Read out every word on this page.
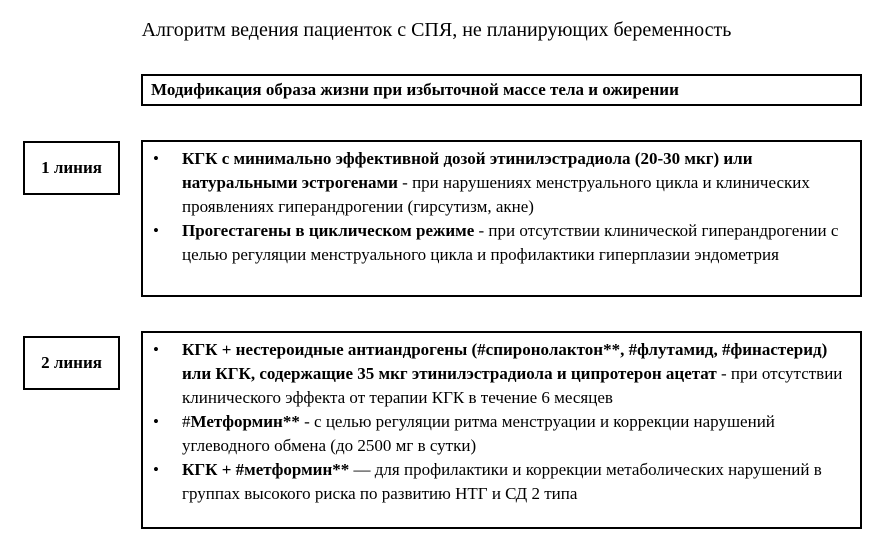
Алгоритм ведения пациенток с СПЯ, не планирующих беременность
Модификация образа жизни при избыточной массе тела и ожирении
1 линия	•	КГК с минимально эффективной дозой этинилэстрадиола (20-30 мкг) или натуральными эстрогенами - при нарушениях менструального цикла и клинических проявлениях гиперандрогении (гирсутизм, акне)
•	Прогестагены в циклическом режиме - при отсутствии клинической гиперандрогении с целью регуляции менструального цикла и профилактики гиперплазии эндометрия
2 линия
•	КГК + нестероидные антиандрогены (#спиронолактон**, #флутамид, #финастерид) или КГК, содержащие 35 мкг этинилэстрадиола и ципротерон ацетат - при отсутствии клинического эффекта от терапии КГК в течение 6 месяцев
•	#Метформин** - с целью регуляции ритма менструации и коррекции нарушений углеводного обмена (до 2500 мг в сутки)
•	КГК + #метформин** — для профилактики и коррекции метаболических нарушений в группах высокого риска по развитию НТГ и СД 2 типа
